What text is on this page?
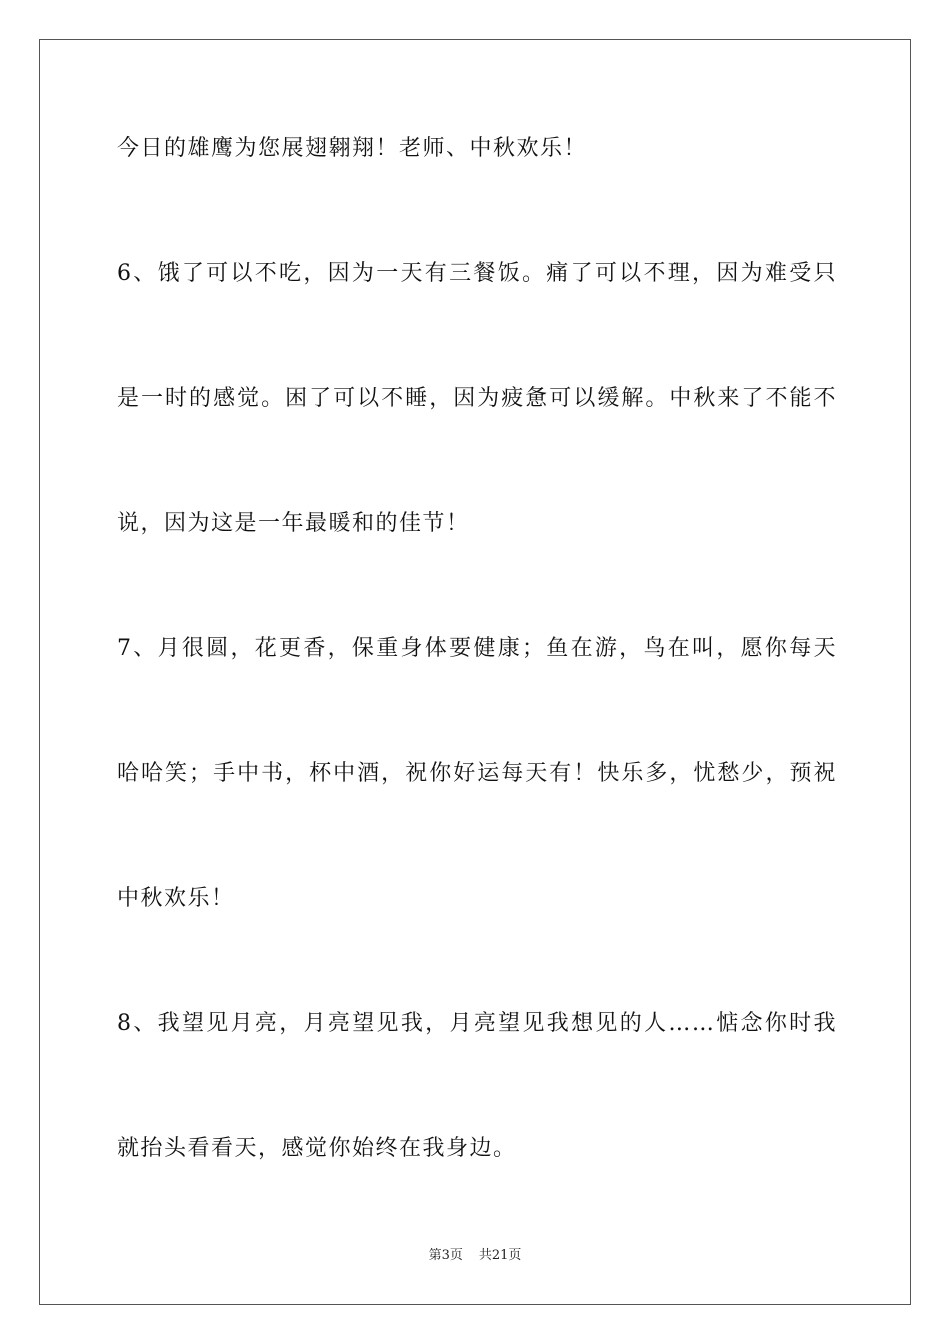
今日的雄鹰为您展翅翱翔！老师、中秋欢乐！
6、饿了可以不吃，因为一天有三餐饭。痛了可以不理，因为难受只
是一时的感觉。困了可以不睡，因为疲惫可以缓解。中秋来了不能不
说，因为这是一年最暖和的佳节！
7、月很圆，花更香，保重身体要健康；鱼在游，鸟在叫，愿你每天
哈哈笑；手中书，杯中酒，祝你好运每天有！快乐多，忧愁少，预祝
中秋欢乐！
8、我望见月亮，月亮望见我，月亮望见我想见的人……惦念你时我
就抬头看看天，感觉你始终在我身边。
第3页 共21页
